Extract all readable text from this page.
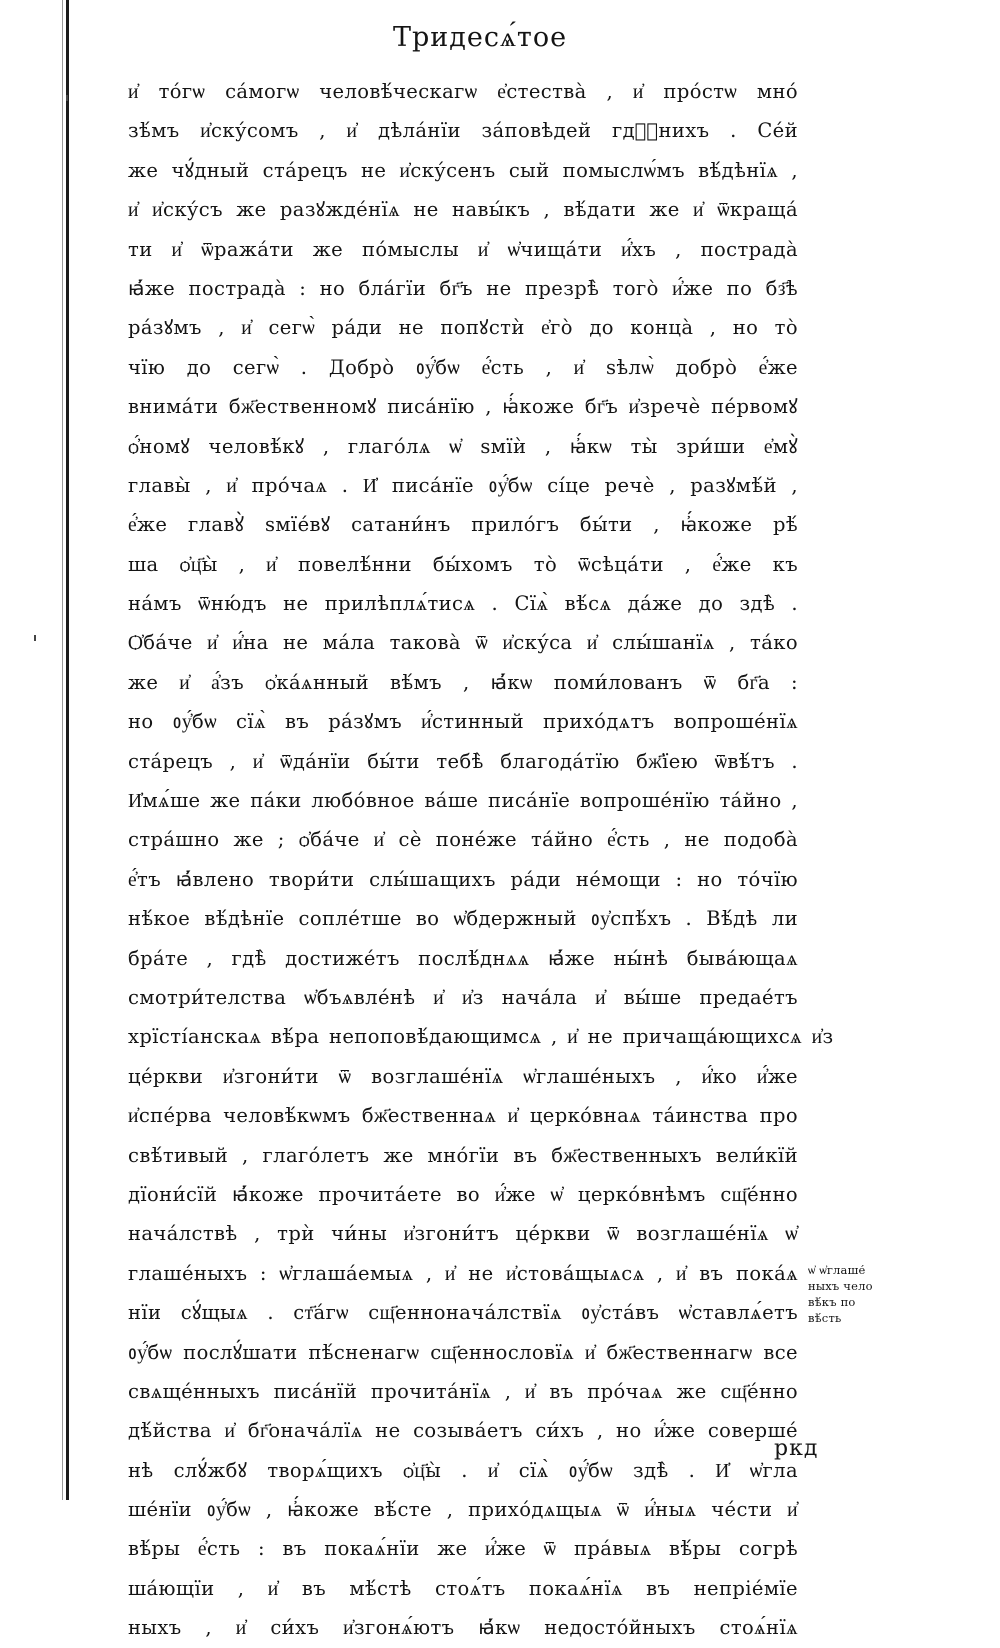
Тридесѧ́тое
и҆ то́гѡ са́могѡ человѣ́ческагѡ е҆стества̀ , и҆ про́стѡ мно́
зѣ́мъ и҆ску́сомъ , и҆ дѣла́нїи за́повѣдей гдⷭ҇нихъ . Се́й
же чꙋ́дный ста́рецъ не и҆ску́сенъ сый помыслѡ́мъ вѣ́дѣнїѧ ,
и҆ и҆ску́съ же разꙋжде́нїѧ не навы́къ , вѣ́дати же и҆ ѿкраща́
ти и҆ ѿража́ти же по́мыслы и҆ ѡ҆чища́ти и҆́хъ , пострада̀
ꙗ҆́же пострада̀ : но бла́гїи бг҃ъ не презрѣ̀ того̀ и҆́же по бз҃ѣ
ра́зꙋмъ , и҆ сегѡ̀ ра́ди не попꙋстѝ е҆го̀ до конца̀ , но то̀
чїю до сегѡ̀ . Добро̀ ᲂу҆́бѡ е҆́сть , и҆ ѕѣлѡ̀ добро̀ е҆́же
внима́ти бж҃ественномꙋ писа́нїю , ꙗ҆́коже бг҃ъ и҆зречѐ пе́рвомꙋ
ѻ҆́номꙋ человѣ́кꙋ , глаго́лѧ ѡ҆ ѕмїѝ , ꙗ҆́кѡ ты̀ зри́ши е҆мꙋ̀
главы̀ , и҆ про́чаѧ . И҆ писа́нїе ᲂу҆́бѡ сі́це речѐ , разꙋмѣ́й ,
е҆́же главꙋ̀ ѕмїе́вꙋ сатани́нъ прило́гъ бы́ти , ꙗ҆́коже рѣ́
ша ѻ҆ц҃ы̀ , и҆ повелѣ́нни бы́хомъ то̀ ѿсѣца́ти , е҆́же къ
на́мъ ѿню́дъ не прилѣплѧ́тисѧ . Сїѧ̀ вѣ́сѧ да́же до здѣ̀ .
Ѻ҆ба́че и҆ и҆́на не ма́ла такова̀ ѿ и҆ску́са и҆ слы́шанїѧ , та́ко
же и҆ а҆́зъ ѻ҆ка́ѧнный вѣ́мъ , ꙗ҆́кѡ поми́лованъ ѿ бг҃а :
но ᲂу҆́бѡ сїѧ̀ въ ра́зꙋмъ и҆́стинный прихо́дѧтъ вопроше́нїѧ
ста́рецъ , и҆ ѿда́нїи бы́ти тебѣ̀ благода́тїю бж҃їею ѿвѣ́тъ .
И҆мѧ́ше же па́ки любо́вное ва́ше писа́нїе вопроше́нїю та́йно ,
стра́шно же ; ѻ҆ба́че и҆ сѐ поне́же та́йно е҆́сть , не подоба̀
е҆́тъ ꙗ҆́влено твори́ти слы́шащихъ ра́ди не́мощи : но то́чїю
нѣ́кое вѣ́дѣнїе сопле́тше во ѡ҆бдержный ᲂу҆спѣ́хъ . Вѣ́дѣ ли
бра́те , гдѣ̀ достиже́тъ послѣ́днѧѧ ꙗ҆́же ны́нѣ быва́ющаѧ
смотри́телства ѡ҆бъѧвле́нѣ и҆ и҆з нача́ла и҆ вы́ше предае́тъ
хрїсті́анскаѧ вѣ́ра непоповѣ́дающимсѧ , и҆ не причаща́ющихсѧ и҆з
це́ркви и҆згони́ти ѿ возглаше́нїѧ ѡ҆глаше́ныхъ , и҆́ко и҆́же
и҆спе́рва человѣ́кѡмъ бж҃ественнаѧ и҆ церко́внаѧ та́инства про
свѣ́тивый , глаго́летъ же мно́гїи въ бж҃ественныхъ вели́кїй
дїони́сїй ꙗ҆́коже прочита́ете во и҆́же ѡ҆ церко́внѣмъ сщ҃е́нно
нача́лствѣ , трѝ чи́ны и҆згони́тъ це́ркви ѿ возглаше́нїѧ ѡ҆
глаше́ныхъ : ѡ҆глаша́емыѧ , и҆ не и҆стова́щыѧсѧ , и҆ въ пока́ѧ
нїи сꙋ́щыѧ . ст҃а́гѡ сщ҃еннонача́лствїѧ ᲂу҆ста́въ ѡ҆ставлѧ́етъ
ᲂу҆́бѡ послꙋ́шати пѣ́сненагѡ сщ҃еннословїѧ и҆ бж҃ественнагѡ все
свѧще́нныхъ писа́нїй прочита́нїѧ , и҆ въ про́чаѧ же сщ҃е́нно
дѣ́йства и҆ бг҃онача́лїѧ не созыва́етъ си́хъ , но и҆́же соверше́
нѣ слꙋ́жбꙋ творѧ́щихъ ѻ҆ц҃ы̀ . и҆ сїѧ̀ ᲂу҆́бѡ здѣ̀ . И҆ ѡ҆гла
ше́нїи ᲂу҆́бѡ , ꙗ҆́коже вѣ́сте , прихо́дѧщыѧ ѿ и҆́ныѧ че́сти и҆
вѣ́ры е҆́сть : въ покаѧ́нїи же и҆́же ѿ пра́выѧ вѣ́ры согрѣ
ша́ющїи , и҆ въ мѣ́стѣ стоѧ́тъ покаѧ́нїѧ въ непріе́мїе
ныхъ , и҆ си́хъ и҆згонѧ́ютъ ꙗ҆́кѡ недосто́йныхъ стоѧ́нїѧ
ѡ҆ ѡ҆глаше́
ныхъ чело
вѣ́къ по
вѣ́сть
ркд
